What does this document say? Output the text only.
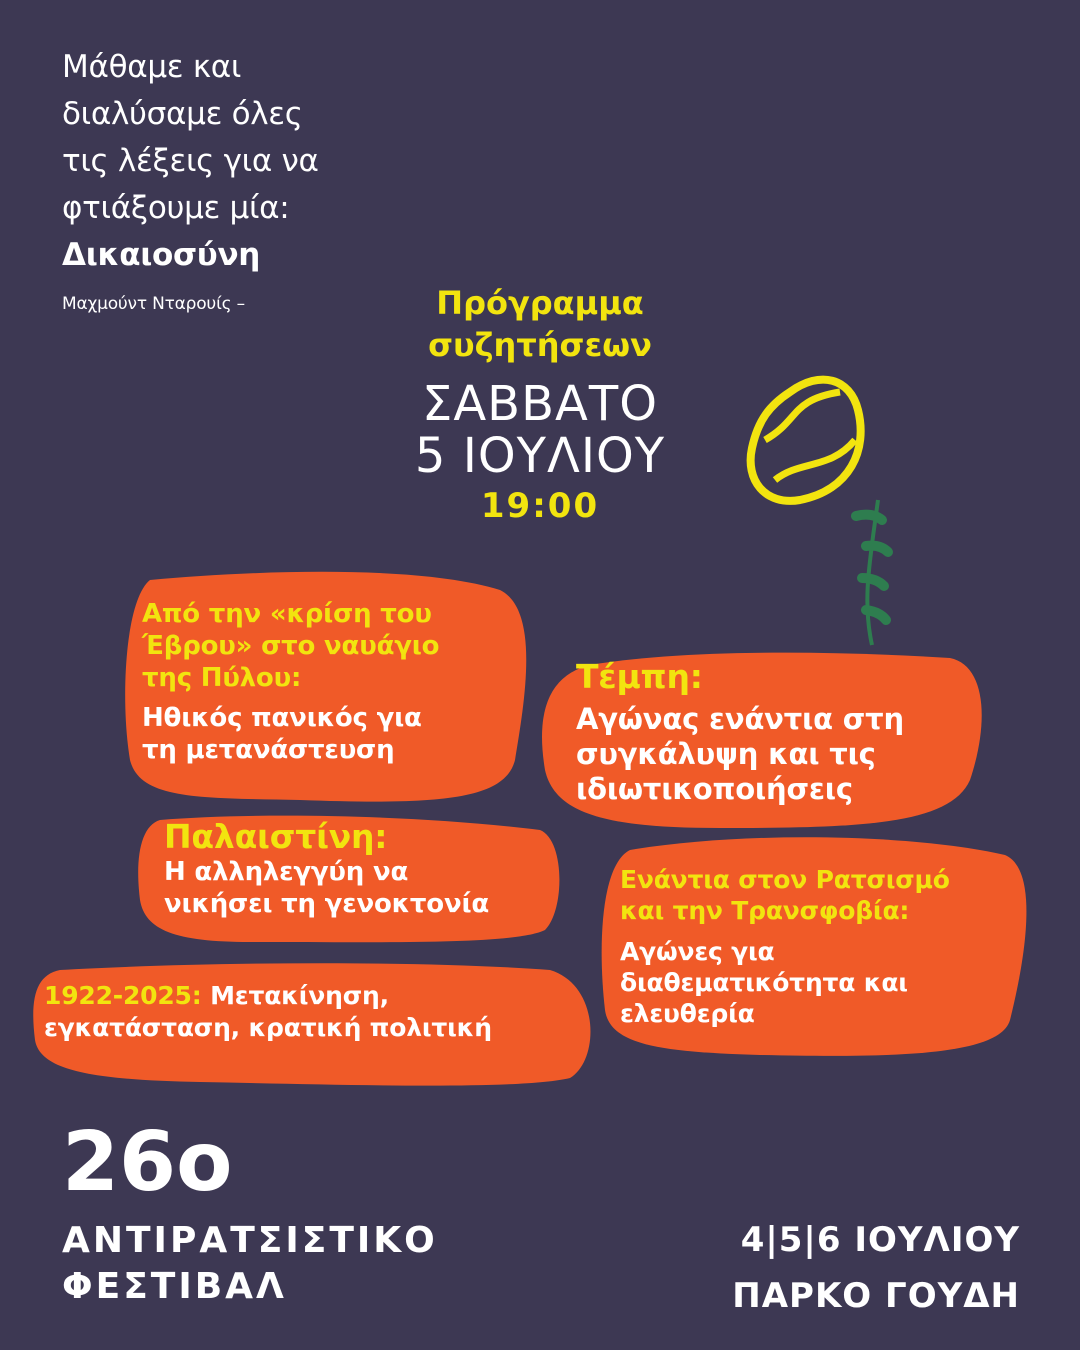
Μάθαμε και
διαλύσαμε όλες
τις λέξεις για να
φτιάξουμε μία:
Δικαιοσύνη
Μαχμούντ Νταρουίς –	Πρόγραμμα
συζητήσεων
ΣΑΒΒΑΤΟ
5 ΙΟΥΛΙΟΥ
19:00
Από την «κρίση του
Έβρου» στο ναυάγιο
της Πύλου:
Ηθικός πανικός για
τη μετανάστευση
Τέμπη:
Αγώνας ενάντια στη
συγκάλυψη και τις
ιδιωτικοποιήσεις
Παλαιστίνη:
Η αλληλεγγύη να
νικήσει τη γενοκτονία
Ενάντια στον Ρατσισμό
και την Τρανσφοβία:
Αγώνες για
διαθεματικότητα και
ελευθερία
1922-2025: Μετακίνηση,
εγκατάσταση, κρατική πολιτική
26ο
ΑΝΤΙΡΑΤΣΙΣΤΙΚΟ
ΦΕΣΤΙΒΑΛ
4|5|6 ΙΟΥΛΙΟΥ
ΠΑΡΚΟ ΓΟΥΔΗ
